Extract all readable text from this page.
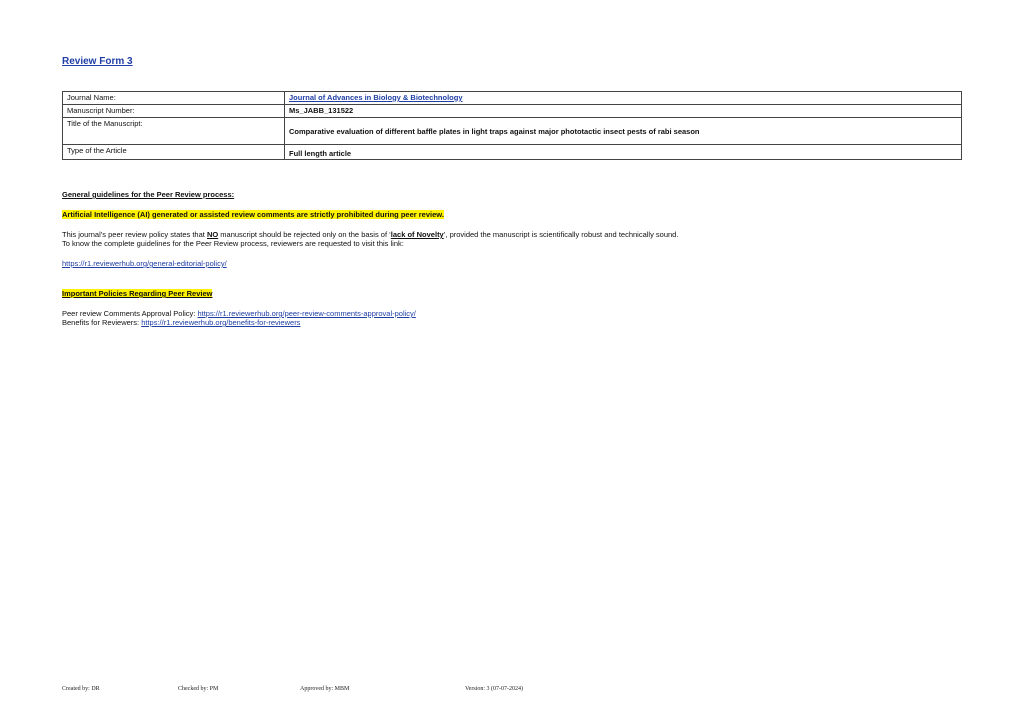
Review Form 3
Journal Name:	Journal of Advances in Biology & Biotechnology
Manuscript Number:	Ms_JABB_131522
Title of the Manuscript:	Comparative evaluation of different baffle plates in light traps against major phototactic insect pests of rabi season
Type of the Article	Full length article
General guidelines for the Peer Review process:
Artificial Intelligence (AI) generated or assisted review comments are strictly prohibited during peer review.
This journal’s peer review policy states that NO manuscript should be rejected only on the basis of ‘lack of Novelty’, provided the manuscript is scientifically robust and technically sound.
To know the complete guidelines for the Peer Review process, reviewers are requested to visit this link:
https://r1.reviewerhub.org/general-editorial-policy/
Important Policies Regarding Peer Review
Peer review Comments Approval Policy: https://r1.reviewerhub.org/peer-review-comments-approval-policy/
Benefits for Reviewers: https://r1.reviewerhub.org/benefits-for-reviewers
Created by: DR	Checked by: PM	Approved by: MBM	Version: 3 (07-07-2024)
